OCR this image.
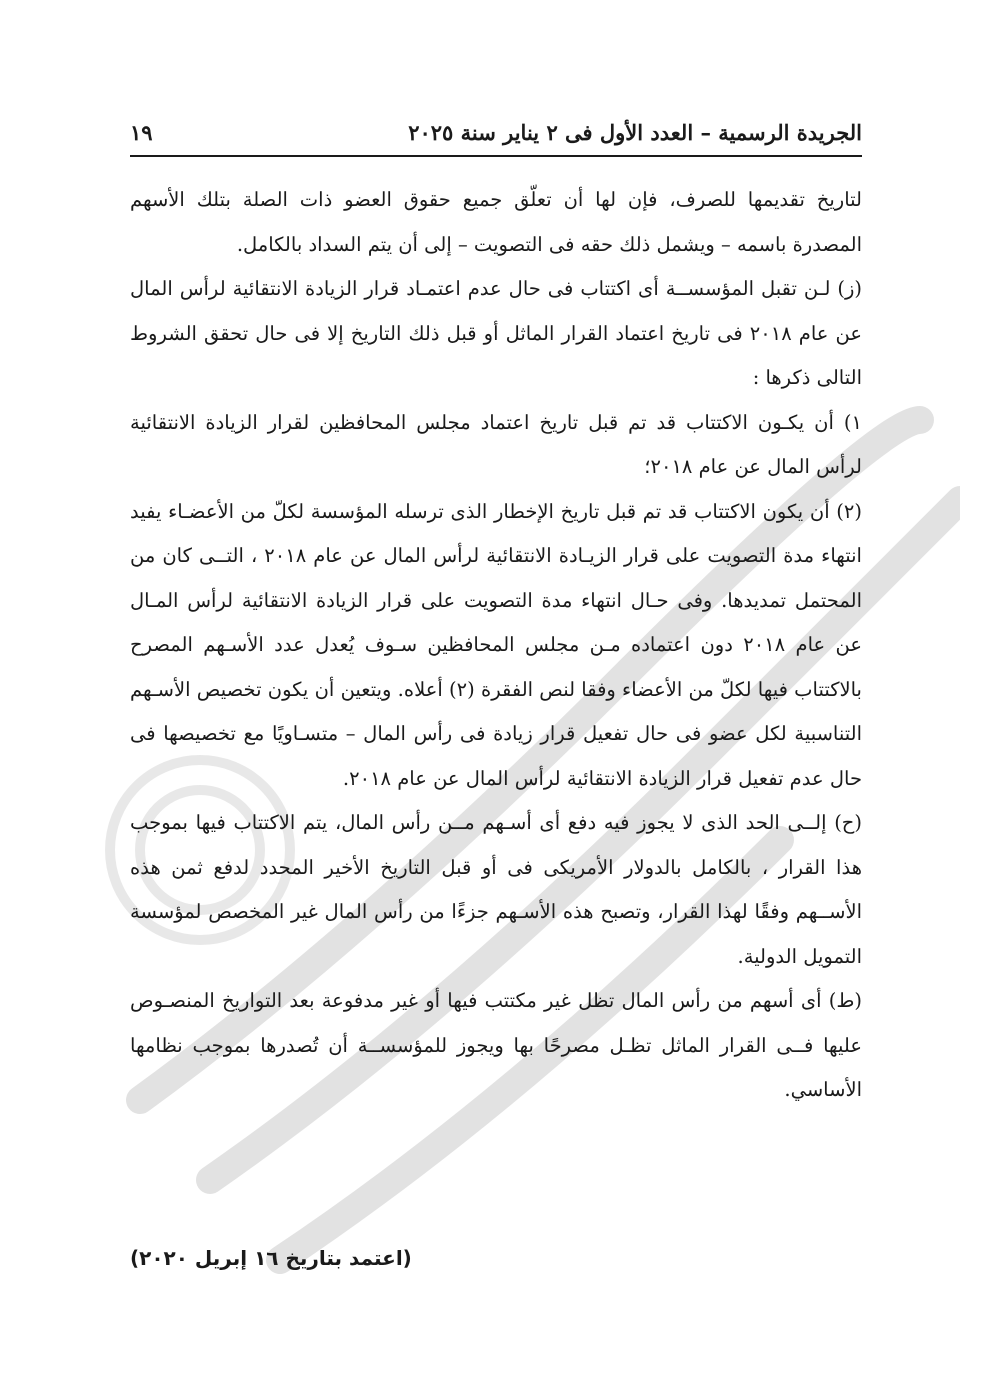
الجريدة الرسمية – العدد الأول فى ٢ يناير سنة ٢٠٢٥
١٩

لتاريخ تقديمها للصرف، فإن لها أن تعلّق جميع حقوق العضو ذات الصلة بتلك الأسهم المصدرة باسمه – ويشمل ذلك حقه فى التصويت – إلى أن يتم السداد بالكامل.

(ز) لـن تقبل المؤسســة أى اكتتاب فى حال عدم اعتمـاد قرار الزيادة الانتقائية لرأس المال عن عام ٢٠١٨ فى تاريخ اعتماد القرار الماثل أو قبل ذلك التاريخ إلا فى حال تحقق الشروط التالى ذكرها :

١) أن يكـون الاكتتاب قد تم قبل تاريخ اعتماد مجلس المحافظين لقرار الزيادة الانتقائية لرأس المال عن عام ٢٠١٨؛

(٢) أن يكون الاكتتاب قد تم قبل تاريخ الإخطار الذى ترسله المؤسسة لكلّ من الأعضـاء يفيد انتهاء مدة التصويت على قرار الزيـادة الانتقائية لرأس المال عن عام ٢٠١٨ ، التــى كان من المحتمل تمديدها. وفى حـال انتهاء مدة التصويت على قرار الزيادة الانتقائية لرأس المـال عن عام ٢٠١٨ دون اعتماده مـن مجلس المحافظين سـوف يُعدل عدد الأسـهم المصرح بالاكتتاب فيها لكلّ من الأعضاء وفقا لنص الفقرة (٢) أعلاه. ويتعين أن يكون تخصيص الأسـهم التناسبية لكل عضو فى حال تفعيل قرار زيادة فى رأس المال – متسـاويًا مع تخصيصها فى حال عدم تفعيل قرار الزيادة الانتقائية لرأس المال عن عام ٢٠١٨.

(ح) إلــى الحد الذى لا يجوز فيه دفع أى أسـهم مــن رأس المال، يتم الاكتتاب فيها بموجب هذا القرار ، بالكامل بالدولار الأمريكى فى أو قبل التاريخ الأخير المحدد لدفع ثمن هذه الأســهم وفقًا لهذا القرار، وتصبح هذه الأسـهم جزءًا من رأس المال غير المخصص لمؤسسة التمويل الدولية.

(ط) أى أسهم من رأس المال تظل غير مكتتب فيها أو غير مدفوعة بعد التواريخ المنصـوص عليها فــى القرار الماثل تظـل مصرحًا بها ويجوز للمؤسســة أن تُصدرها بموجب نظامها الأساسي.

(اعتمد بتاريخ ١٦ إبريل ٢٠٢٠)
